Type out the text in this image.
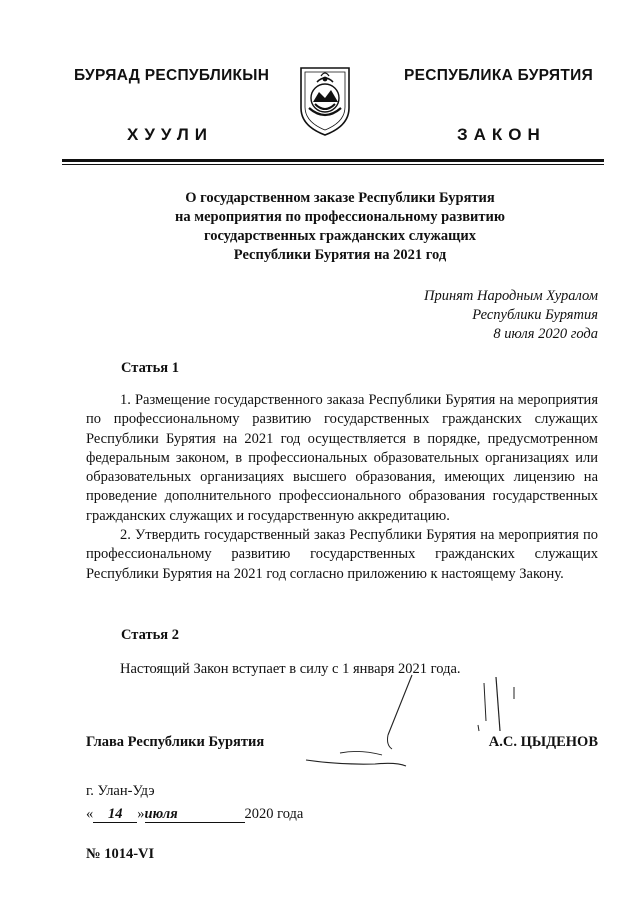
БУРЯАД РЕСПУБЛИКЫН	РЕСПУБЛИКА БУРЯТИЯ
ХУУЛИ	ЗАКОН
О государственном заказе Республики Бурятия
на мероприятия по профессиональному развитию
государственных гражданских служащих
Республики Бурятия на 2021 год
Принят Народным Хуралом
Республики Бурятия
8 июля 2020 года
Статья 1

1. Размещение государственного заказа Республики Бурятия на мероприятия по профессиональному развитию государственных гражданских служащих Республики Бурятия на 2021 год осуществляется в порядке, предусмотренном федеральным законом, в профессиональных образовательных организациях или образовательных организациях высшего образования, имеющих лицензию на проведение дополнительного профессионального образования государственных гражданских служащих и государственную аккредитацию.

2. Утвердить государственный заказ Республики Бурятия на мероприятия по профессиональному развитию государственных гражданских служащих Республики Бурятия на 2021 год согласно приложению к настоящему Закону.

Статья 2

Настоящий Закон вступает в силу с 1 января 2021 года.

Глава Республики Бурятия	А.С. ЦЫДЕНОВ
г. Улан-Удэ
« 14 »июля	2020 года
№ 1014-VI
